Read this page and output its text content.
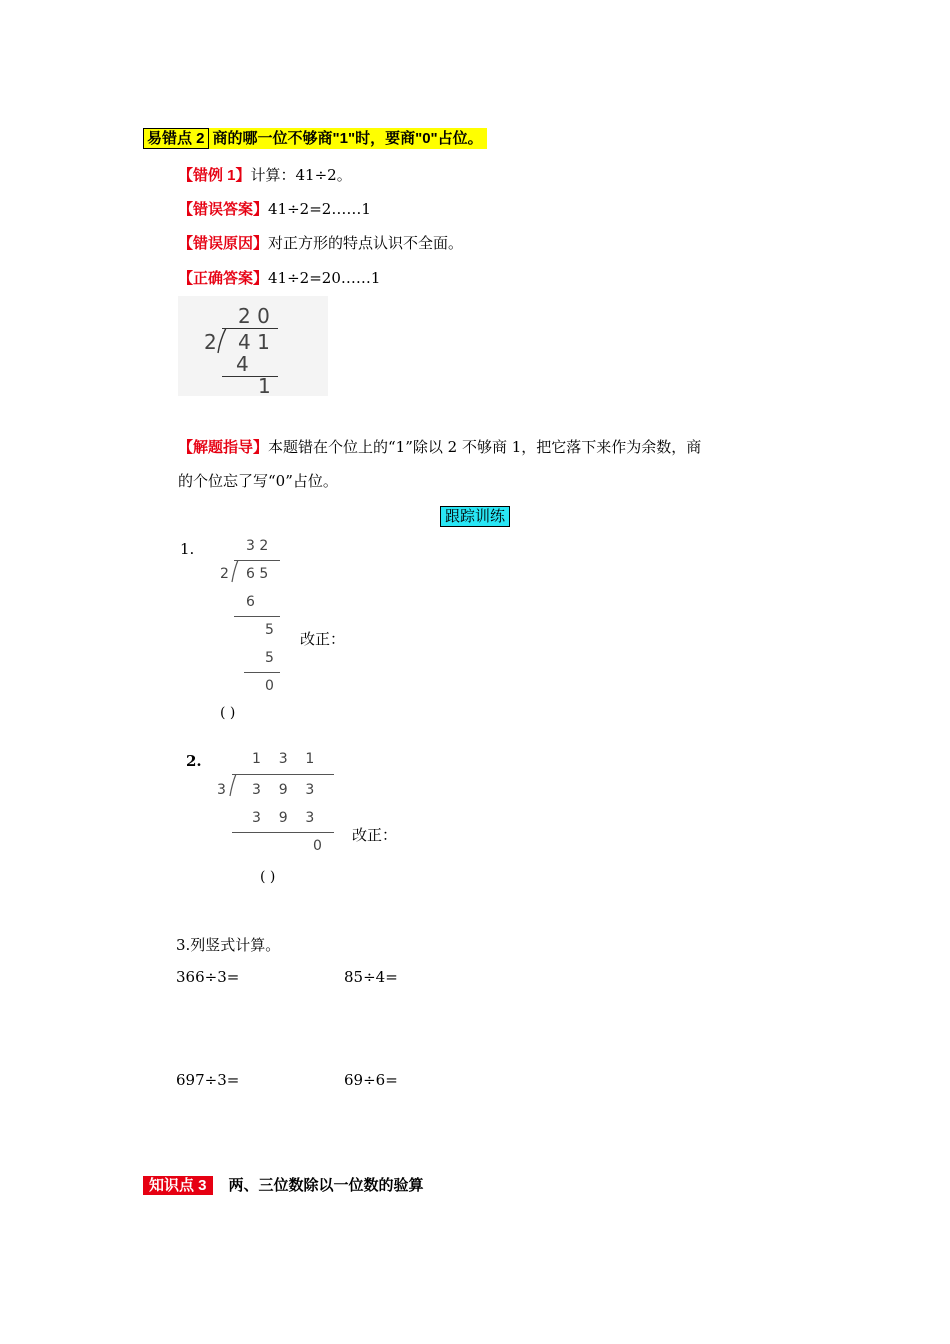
易错点 2 商的哪一位不够商"1"时，要商"0"占位。
【错例 1】计算：41÷2。
【错误答案】41÷2=2……1
【错误原因】对正方形的特点认识不全面。
【正确答案】41÷2=20……1
2 0
2 4 1
4
1
【解题指导】本题错在个位上的“1”除以 2 不够商 1，把它落下来作为余数，商
的个位忘了写“0”占位。
跟踪训练
1.	3 2
2 6 5
6
5
5
0
( )
改正：
2.	1    3    1
3 3    9    3
3    9    3
0
( )
改正：
3.列竖式计算。
366÷3=	85÷4=
697÷3=	69÷6=
知识点 3 两、三位数除以一位数的验算
